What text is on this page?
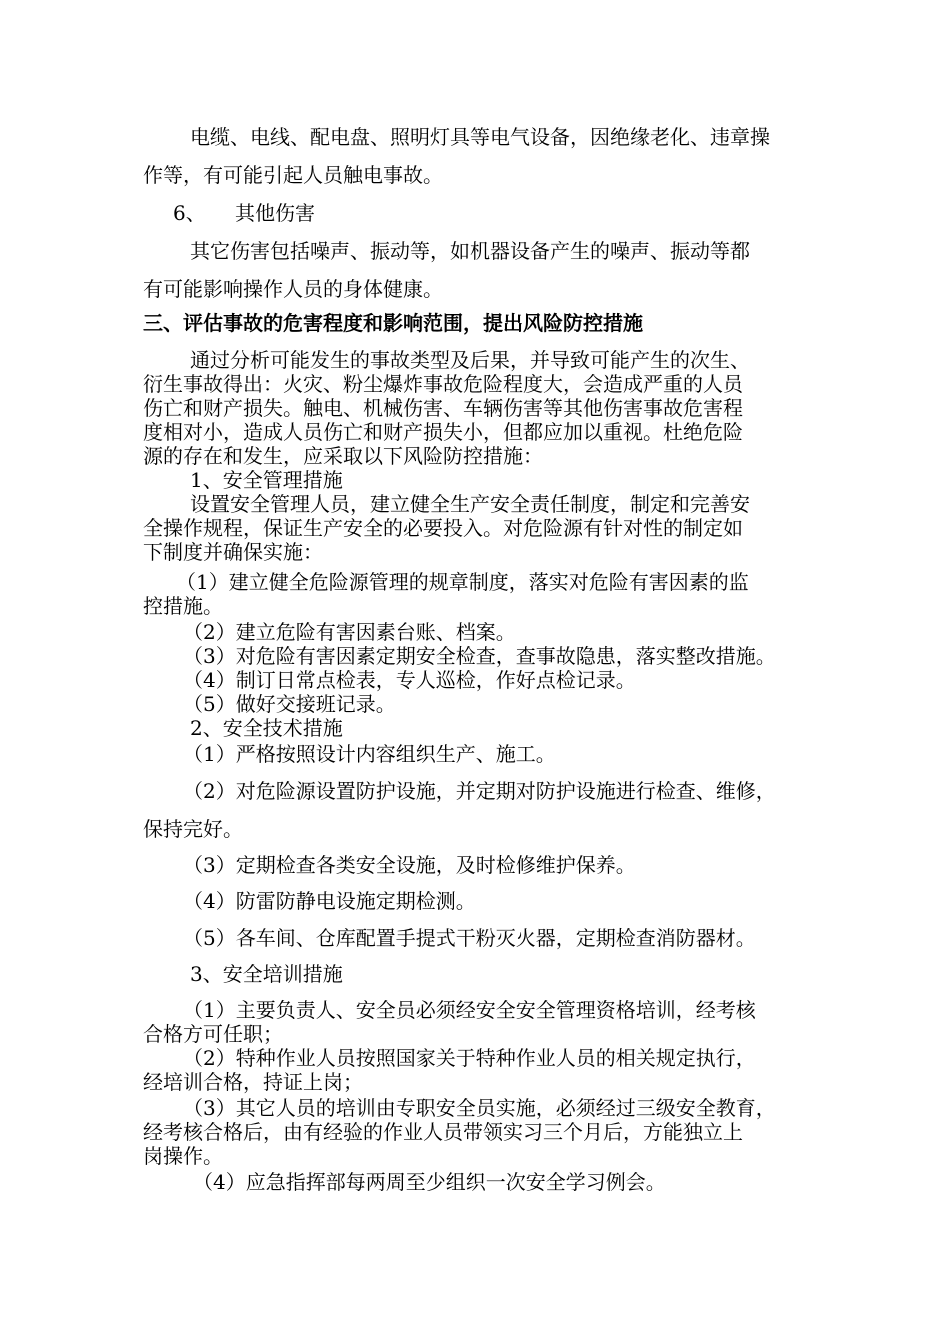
电缆、电线、配电盘、照明灯具等电气设备，因绝缘老化、违章操
作等，有可能引起人员触电事故。
6、 其他伤害
其它伤害包括噪声、振动等，如机器设备产生的噪声、振动等都
有可能影响操作人员的身体健康。
三、评估事故的危害程度和影响范围，提出风险防控措施
通过分析可能发生的事故类型及后果，并导致可能产生的次生、
衍生事故得出：火灾、粉尘爆炸事故危险程度大，会造成严重的人员
伤亡和财产损失。触电、机械伤害、车辆伤害等其他伤害事故危害程
度相对小，造成人员伤亡和财产损失小，但都应加以重视。杜绝危险
源的存在和发生，应采取以下风险防控措施：
1、安全管理措施
设置安全管理人员，建立健全生产安全责任制度，制定和完善安
全操作规程，保证生产安全的必要投入。对危险源有针对性的制定如
下制度并确保实施：
（1）建立健全危险源管理的规章制度，落实对危险有害因素的监
控措施。
（2）建立危险有害因素台账、档案。
（3）对危险有害因素定期安全检查，查事故隐患，落实整改措施。
（4）制订日常点检表，专人巡检，作好点检记录。
（5）做好交接班记录。
2、安全技术措施
（1）严格按照设计内容组织生产、施工。
（2）对危险源设置防护设施，并定期对防护设施进行检查、维修，
保持完好。
（3）定期检查各类安全设施，及时检修维护保养。
（4）防雷防静电设施定期检测。
（5）各车间、仓库配置手提式干粉灭火器，定期检查消防器材。
3、安全培训措施
（1）主要负责人、安全员必须经安全安全管理资格培训，经考核
合格方可任职；
（2）特种作业人员按照国家关于特种作业人员的相关规定执行，
经培训合格，持证上岗；
（3）其它人员的培训由专职安全员实施，必须经过三级安全教育，
经考核合格后，由有经验的作业人员带领实习三个月后，方能独立上
岗操作。
（4）应急指挥部每两周至少组织一次安全学习例会。
